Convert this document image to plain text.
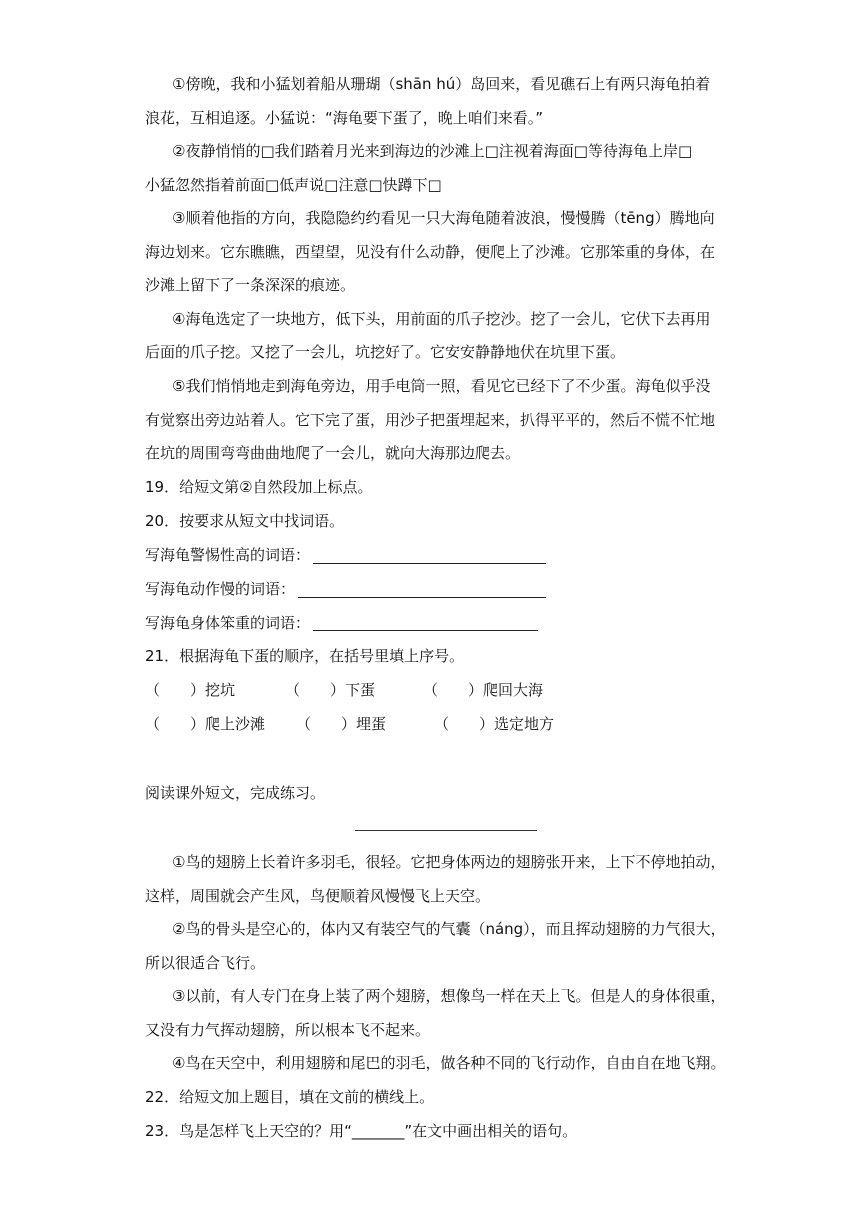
①傍晚，我和小猛划着船从珊瑚（shān hú）岛回来，看见礁石上有两只海龟拍着
浪花，互相追逐。小猛说：“海龟要下蛋了，晚上咱们来看。”
②夜静悄悄的□我们踏着月光来到海边的沙滩上□注视着海面□等待海龟上岸□
小猛忽然指着前面□低声说□注意□快蹲下□
③顺着他指的方向，我隐隐约约看见一只大海龟随着波浪，慢慢腾（tēng）腾地向
海边划来。它东瞧瞧，西望望，见没有什么动静，便爬上了沙滩。它那笨重的身体，在
沙滩上留下了一条深深的痕迹。
④海龟选定了一块地方，低下头，用前面的爪子挖沙。挖了一会儿，它伏下去再用
后面的爪子挖。又挖了一会儿，坑挖好了。它安安静静地伏在坑里下蛋。
⑤我们悄悄地走到海龟旁边，用手电筒一照，看见它已经下了不少蛋。海龟似乎没
有觉察出旁边站着人。它下完了蛋，用沙子把蛋埋起来，扒得平平的，然后不慌不忙地
在坑的周围弯弯曲曲地爬了一会儿，就向大海那边爬去。
19．给短文第②自然段加上标点。
20．按要求从短文中找词语。
写海龟警惕性高的词语：
写海龟动作慢的词语：
写海龟身体笨重的词语：
21．根据海龟下蛋的顺序，在括号里填上序号。
（　　）挖坑	（　　）下蛋	（　　）爬回大海
（　　）爬上沙滩 （　　）埋蛋	（　　）选定地方
阅读课外短文，完成练习。
①鸟的翅膀上长着许多羽毛，很轻。它把身体两边的翅膀张开来，上下不停地拍动，
这样，周围就会产生风，鸟便顺着风慢慢飞上天空。
②鸟的骨头是空心的，体内又有装空气的气囊（náng），而且挥动翅膀的力气很大，
所以很适合飞行。
③以前，有人专门在身上装了两个翅膀，想像鸟一样在天上飞。但是人的身体很重，
又没有力气挥动翅膀，所以根本飞不起来。
④鸟在天空中，利用翅膀和尾巴的羽毛，做各种不同的飞行动作，自由自在地飞翔。
22．给短文加上题目，填在文前的横线上。
23．鸟是怎样飞上天空的？用“_______”在文中画出相关的语句。
